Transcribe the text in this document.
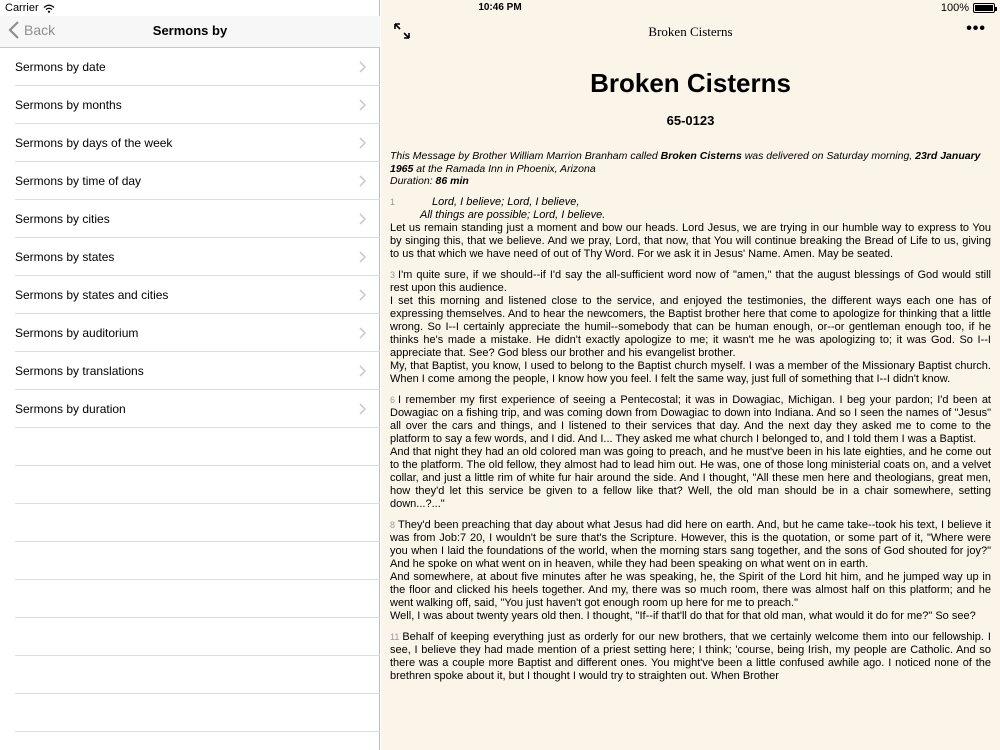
Back	Sermons by
Sermons by date
Sermons by months
Sermons by days of the week
Sermons by time of day
Sermons by cities
Sermons by states
Sermons by states and cities
Sermons by auditorium
Sermons by translations
Sermons by duration
Broken Cisterns	•••
Broken Cisterns
65-0123
This Message by Brother William Marrion Branham called Broken Cisterns was delivered on Saturday morning, 23rd January 1965 at the Ramada Inn in Phoenix, Arizona
Duration: 86 min

1	Lord, I believe; Lord, I believe,

All things are possible; Lord, I believe.

Let us remain standing just a moment and bow our heads. Lord Jesus, we are trying in our humble way to express to You by singing this, that we believe. And we pray, Lord, that now, that You will continue breaking the Bread of Life to us, giving to us that which we have need of out of Thy Word. For we ask it in Jesus' Name. Amen. May be seated.

3 I'm quite sure, if we should--if I'd say the all-sufficient word now of "amen," that the august blessings of God would still rest upon this audience.

I set this morning and listened close to the service, and enjoyed the testimonies, the different ways each one has of expressing themselves. And to hear the newcomers, the Baptist brother here that come to apologize for thinking that a little wrong. So I--I certainly appreciate the humil--somebody that can be human enough, or--or gentleman enough too, if he thinks he's made a mistake. He didn't exactly apologize to me; it wasn't me he was apologizing to; it was God. So I--I appreciate that. See? God bless our brother and his evangelist brother.

My, that Baptist, you know, I used to belong to the Baptist church myself. I was a member of the Missionary Baptist church. When I come among the people, I know how you feel. I felt the same way, just full of something that I--I didn't know.

6 I remember my first experience of seeing a Pentecostal; it was in Dowagiac, Michigan. I beg your pardon; I'd been at Dowagiac on a fishing trip, and was coming down from Dowagiac to down into Indiana. And so I seen the names of "Jesus" all over the cars and things, and I listened to their services that day. And the next day they asked me to come to the platform to say a few words, and I did. And I... They asked me what church I belonged to, and I told them I was a Baptist.

And that night they had an old colored man was going to preach, and he must've been in his late eighties, and he come out to the platform. The old fellow, they almost had to lead him out. He was, one of those long ministerial coats on, and a velvet collar, and just a little rim of white fur hair around the side. And I thought, "All these men here and theologians, great men, how they'd let this service be given to a fellow like that? Well, the old man should be in a chair somewhere, setting down...?..."

8 They'd been preaching that day about what Jesus had did here on earth. And, but he came take--took his text, I believe it was from Job:7 20, I wouldn't be sure that's the Scripture. However, this is the quotation, or some part of it, "Where were you when I laid the foundations of the world, when the morning stars sang together, and the sons of God shouted for joy?" And he spoke on what went on in heaven, while they had been speaking on what went on in earth.

And somewhere, at about five minutes after he was speaking, he, the Spirit of the Lord hit him, and he jumped way up in the floor and clicked his heels together. And my, there was so much room, there was almost half on this platform; and he went walking off, said, "You just haven't got enough room up here for me to preach."

Well, I was about twenty years old then. I thought, "If--if that'll do that for that old man, what would it do for me?" So see?

11 Behalf of keeping everything just as orderly for our new brothers, that we certainly welcome them into our fellowship. I see, I believe they had made mention of a priest setting here; I think; 'course, being Irish, my people are Catholic. And so there was a couple more Baptist and different ones. You might've been a little confused awhile ago. I noticed none of the brethren spoke about it, but I thought I would try to straighten out. When Brother

Carrier	10:46 PM	100%
